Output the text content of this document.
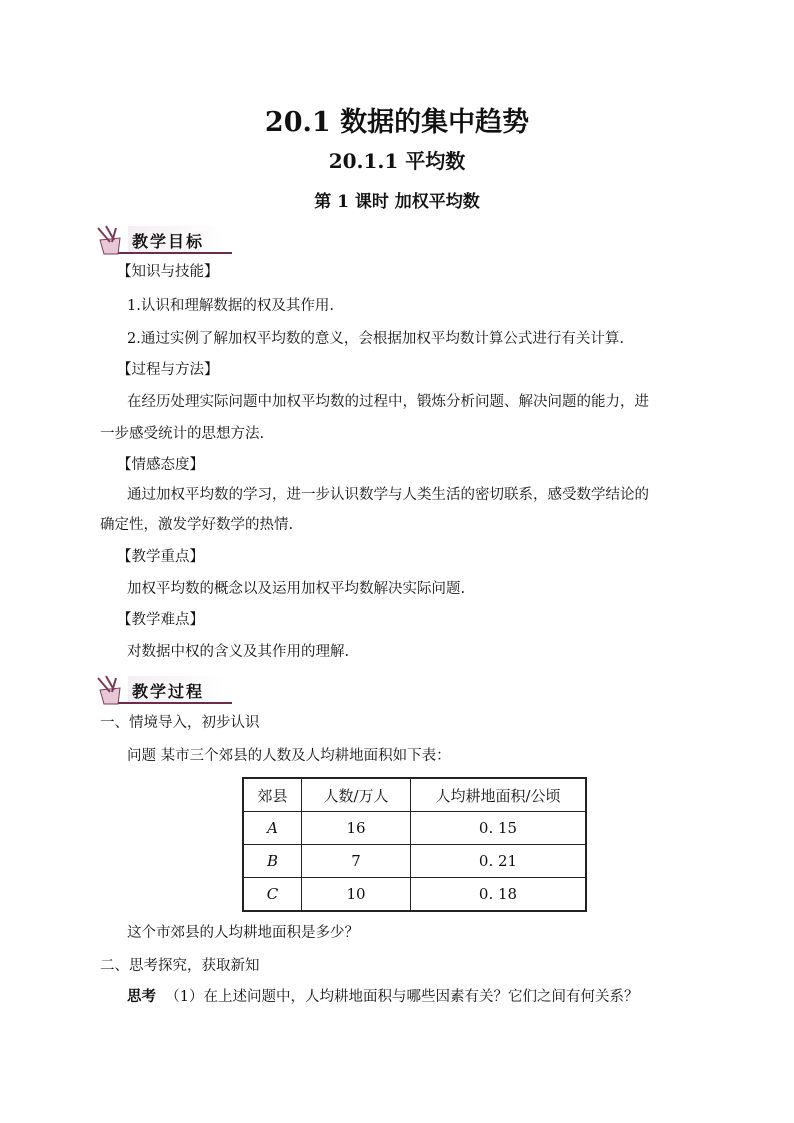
20.1 数据的集中趋势
20.1.1 平均数
第 1 课时 加权平均数
教学目标
【知识与技能】
1.认识和理解数据的权及其作用.
2.通过实例了解加权平均数的意义，会根据加权平均数计算公式进行有关计算.
【过程与方法】
在经历处理实际问题中加权平均数的过程中，锻炼分析问题、解决问题的能力，进
一步感受统计的思想方法.
【情感态度】
通过加权平均数的学习，进一步认识数学与人类生活的密切联系，感受数学结论的
确定性，激发学好数学的热情.
【教学重点】
加权平均数的概念以及运用加权平均数解决实际问题.
【教学难点】
对数据中权的含义及其作用的理解.
教学过程
一、情境导入，初步认识
问题 某市三个郊县的人数及人均耕地面积如下表：
郊县	人数/万人	人均耕地面积/公顷
A	16	0. 15
B	7	0. 21
C	10	0. 18
这个市郊县的人均耕地面积是多少？
二、思考探究，获取新知
思考 （1）在上述问题中，人均耕地面积与哪些因素有关？它们之间有何关系？
